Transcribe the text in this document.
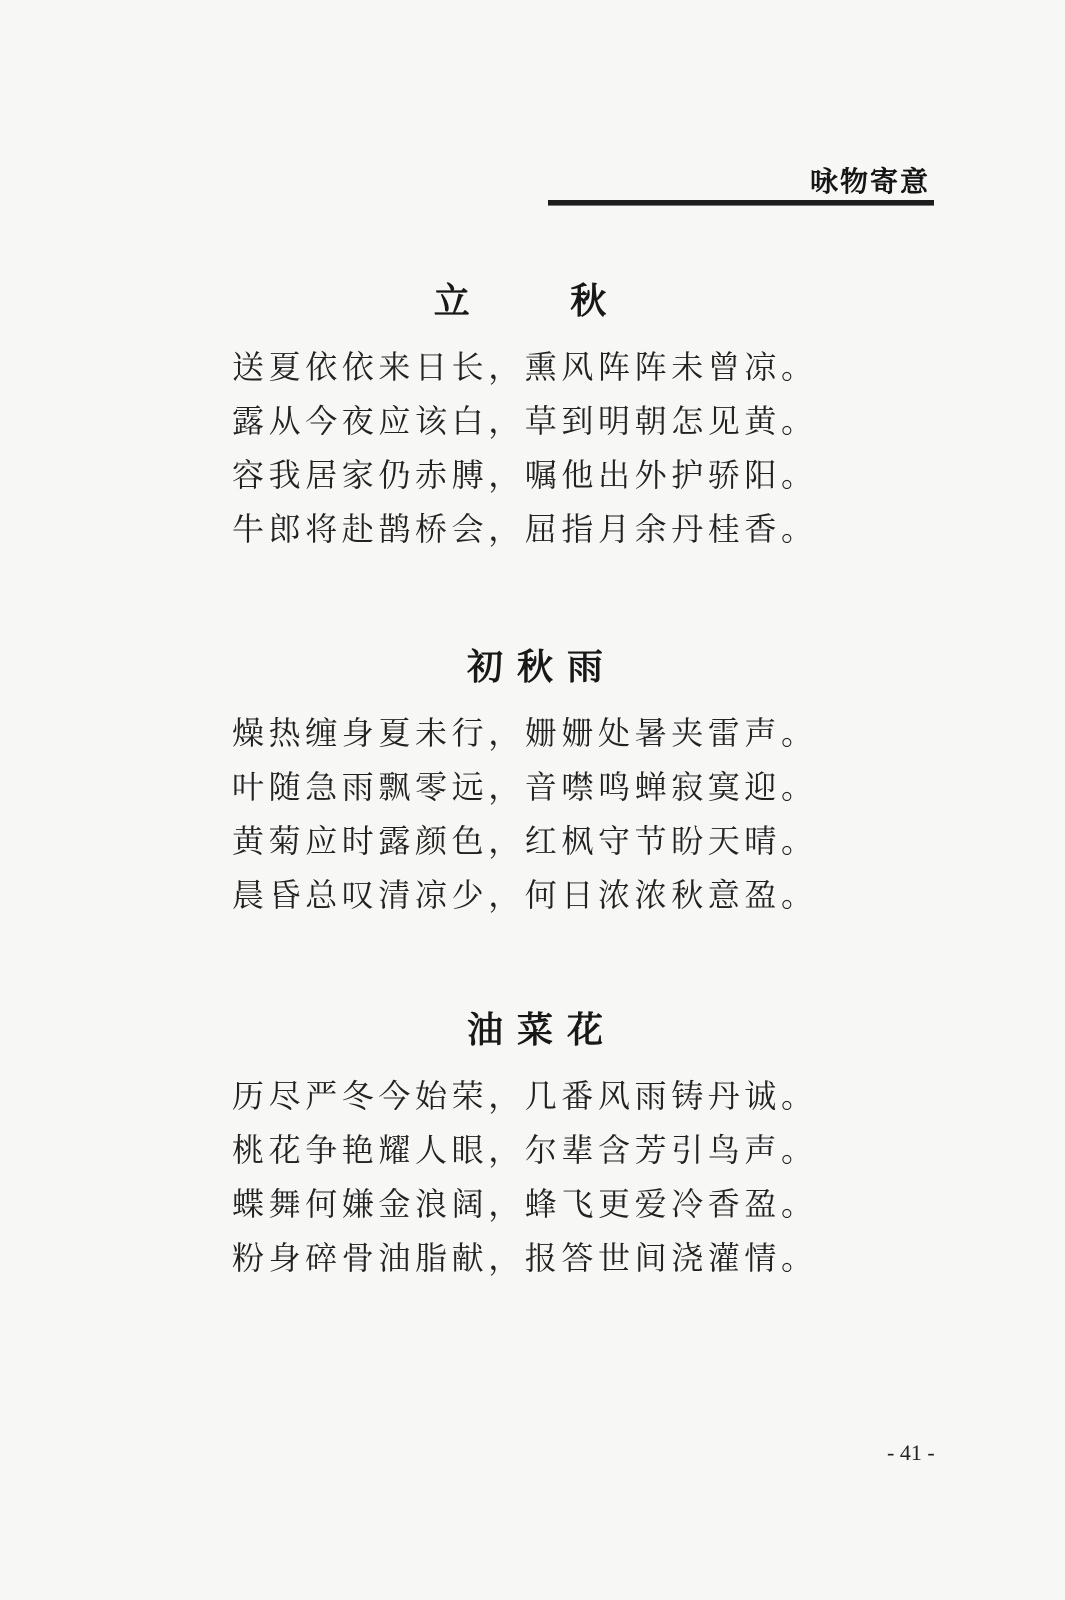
咏物寄意
立 秋
送夏依依来日长，熏风阵阵未曾凉。
露从今夜应该白，草到明朝怎见黄。
容我居家仍赤膊，嘱他出外护骄阳。
牛郎将赴鹊桥会，屈指月余丹桂香。
初秋雨
燥热缠身夏未行，姗姗处暑夹雷声。
叶随急雨飘零远，音噤鸣蝉寂寞迎。
黄菊应时露颜色，红枫守节盼天晴。
晨昏总叹清凉少，何日浓浓秋意盈。
油菜花
历尽严冬今始荣，几番风雨铸丹诚。
桃花争艳耀人眼，尔辈含芳引鸟声。
蝶舞何嫌金浪阔，蜂飞更爱冷香盈。
粉身碎骨油脂献，报答世间浇灌情。
- 41 -
